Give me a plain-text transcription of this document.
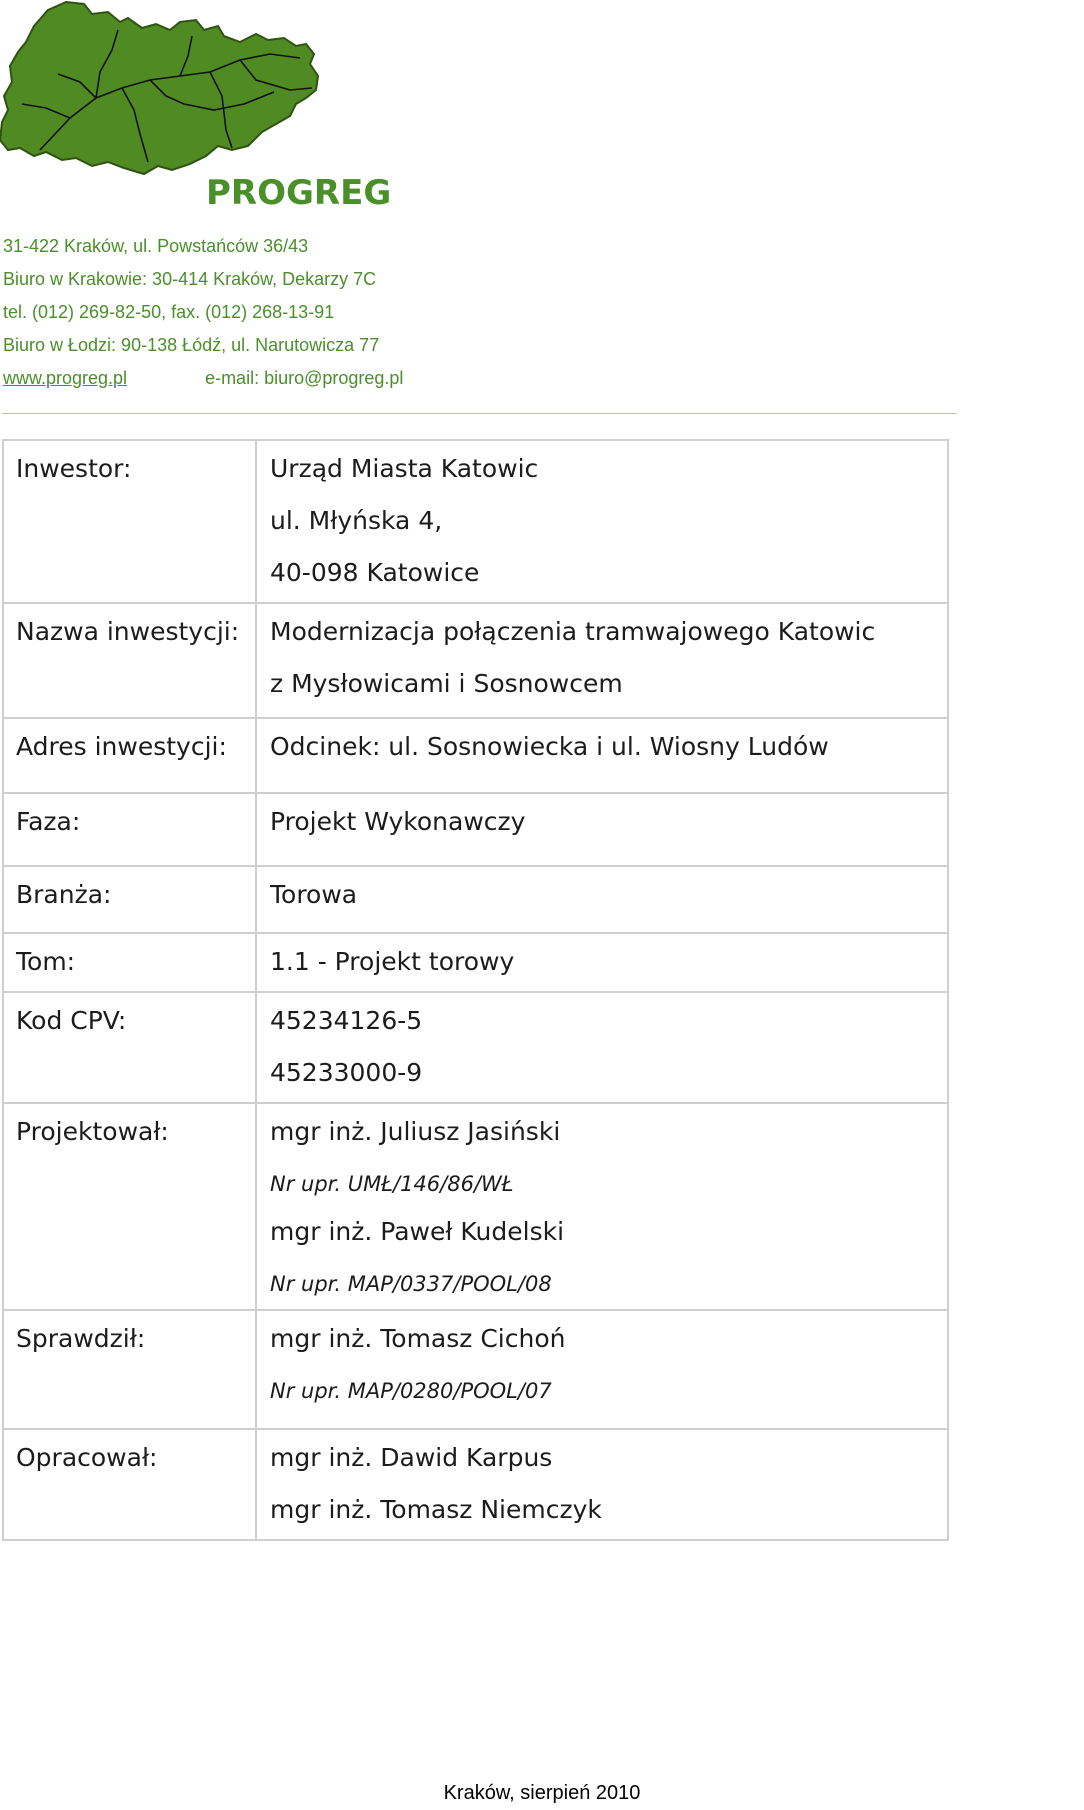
PROGREG
31-422 Kraków, ul. Powstańców 36/43
Biuro w Krakowie: 30-414 Kraków, Dekarzy 7C
tel. (012) 269-82-50, fax. (012) 268-13-91
Biuro w Łodzi: 90-138 Łódź, ul. Narutowicza 77
www.progreg.pl	e-mail: biuro@progreg.pl
Inwestor:	Urząd Miasta Katowic
ul. Młyńska 4,
40-098 Katowice

Nazwa inwestycji:	Modernizacja połączenia tramwajowego Katowic
z Mysłowicami i Sosnowcem

Adres inwestycji:	Odcinek: ul. Sosnowiecka i ul. Wiosny Ludów

Faza:	Projekt Wykonawczy

Branża:	Torowa

Tom:	1.1 - Projekt torowy

Kod CPV:	45234126-5
45233000-9

Projektował:	mgr inż. Juliusz Jasiński
Nr upr. UMŁ/146/86/WŁ
mgr inż. Paweł Kudelski
Nr upr. MAP/0337/POOL/08

Sprawdził:	mgr inż. Tomasz Cichoń
Nr upr. MAP/0280/POOL/07

Opracował:	mgr inż. Dawid Karpus
mgr inż. Tomasz Niemczyk
Kraków, sierpień 2010
